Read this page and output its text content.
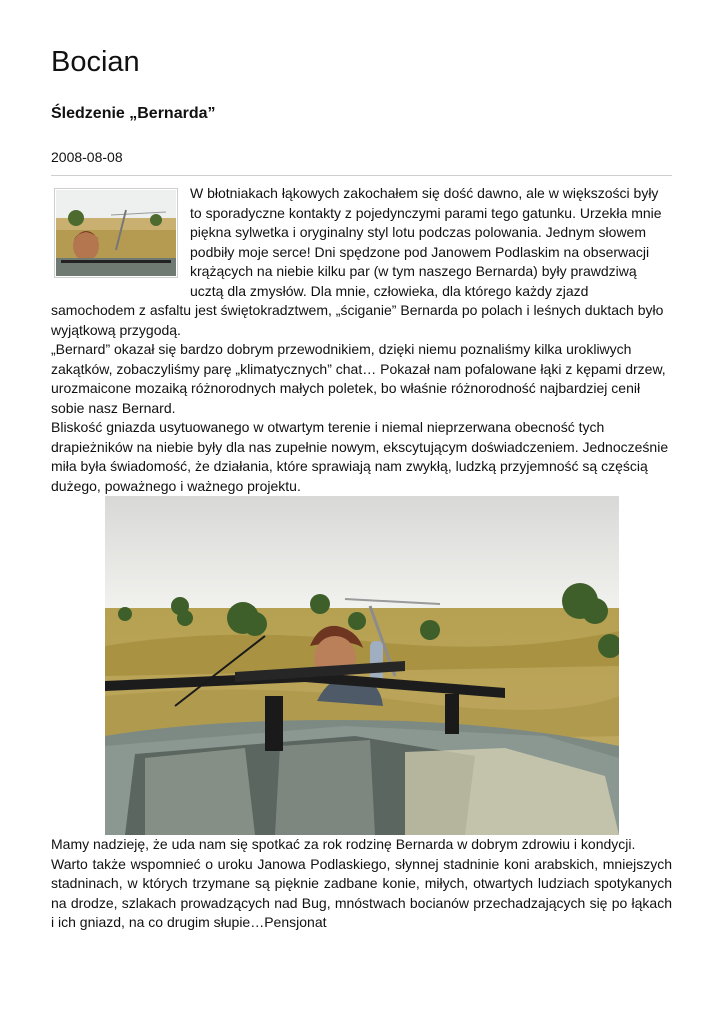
Bocian
Śledzenie „Bernarda”
2008-08-08

W błotniakach łąkowych zakochałem się dość dawno, ale w większości były to sporadyczne kontakty z pojedynczymi parami tego gatunku. Urzekła mnie piękna sylwetka i oryginalny styl lotu podczas polowania. Jednym słowem podbiły moje serce! Dni spędzone pod Janowem Podlaskim na obserwacji krążących na niebie kilku par (w tym naszego Bernarda) były prawdziwą ucztą dla zmysłów. Dla mnie, człowieka, dla którego każdy zjazd samochodem z asfaltu jest świętokradztwem, „ściganie” Bernarda po polach i leśnych duktach było wyjątkową przygodą.

„Bernard” okazał się bardzo dobrym przewodnikiem, dzięki niemu poznaliśmy kilka urokliwych zakątków, zobaczyliśmy parę „klimatycznych” chat… Pokazał nam pofalowane łąki z kępami drzew, urozmaicone mozaiką różnorodnych małych poletek, bo właśnie różnorodność najbardziej cenił sobie nasz Bernard.

Bliskość gniazda usytuowanego w otwartym terenie i niemal nieprzerwana obecność tych drapieżników na niebie były dla nas zupełnie nowym, ekscytującym doświadczeniem. Jednocześnie miła była świadomość, że działania, które sprawiają nam zwykłą, ludzką przyjemność są częścią dużego, poważnego i ważnego projektu.

Mamy nadzieję, że uda nam się spotkać za rok rodzinę Bernarda w dobrym zdrowiu i kondycji.

Warto także wspomnieć o uroku Janowa Podlaskiego, słynnej stadninie koni arabskich, mniejszych stadninach, w których trzymane są pięknie zadbane konie, miłych, otwartych ludziach spotykanych na drodze, szlakach prowadzących nad Bug, mnóstwach bocianów przechadzających się po łąkach i ich gniazd, na co drugim słupie…Pensjonat
